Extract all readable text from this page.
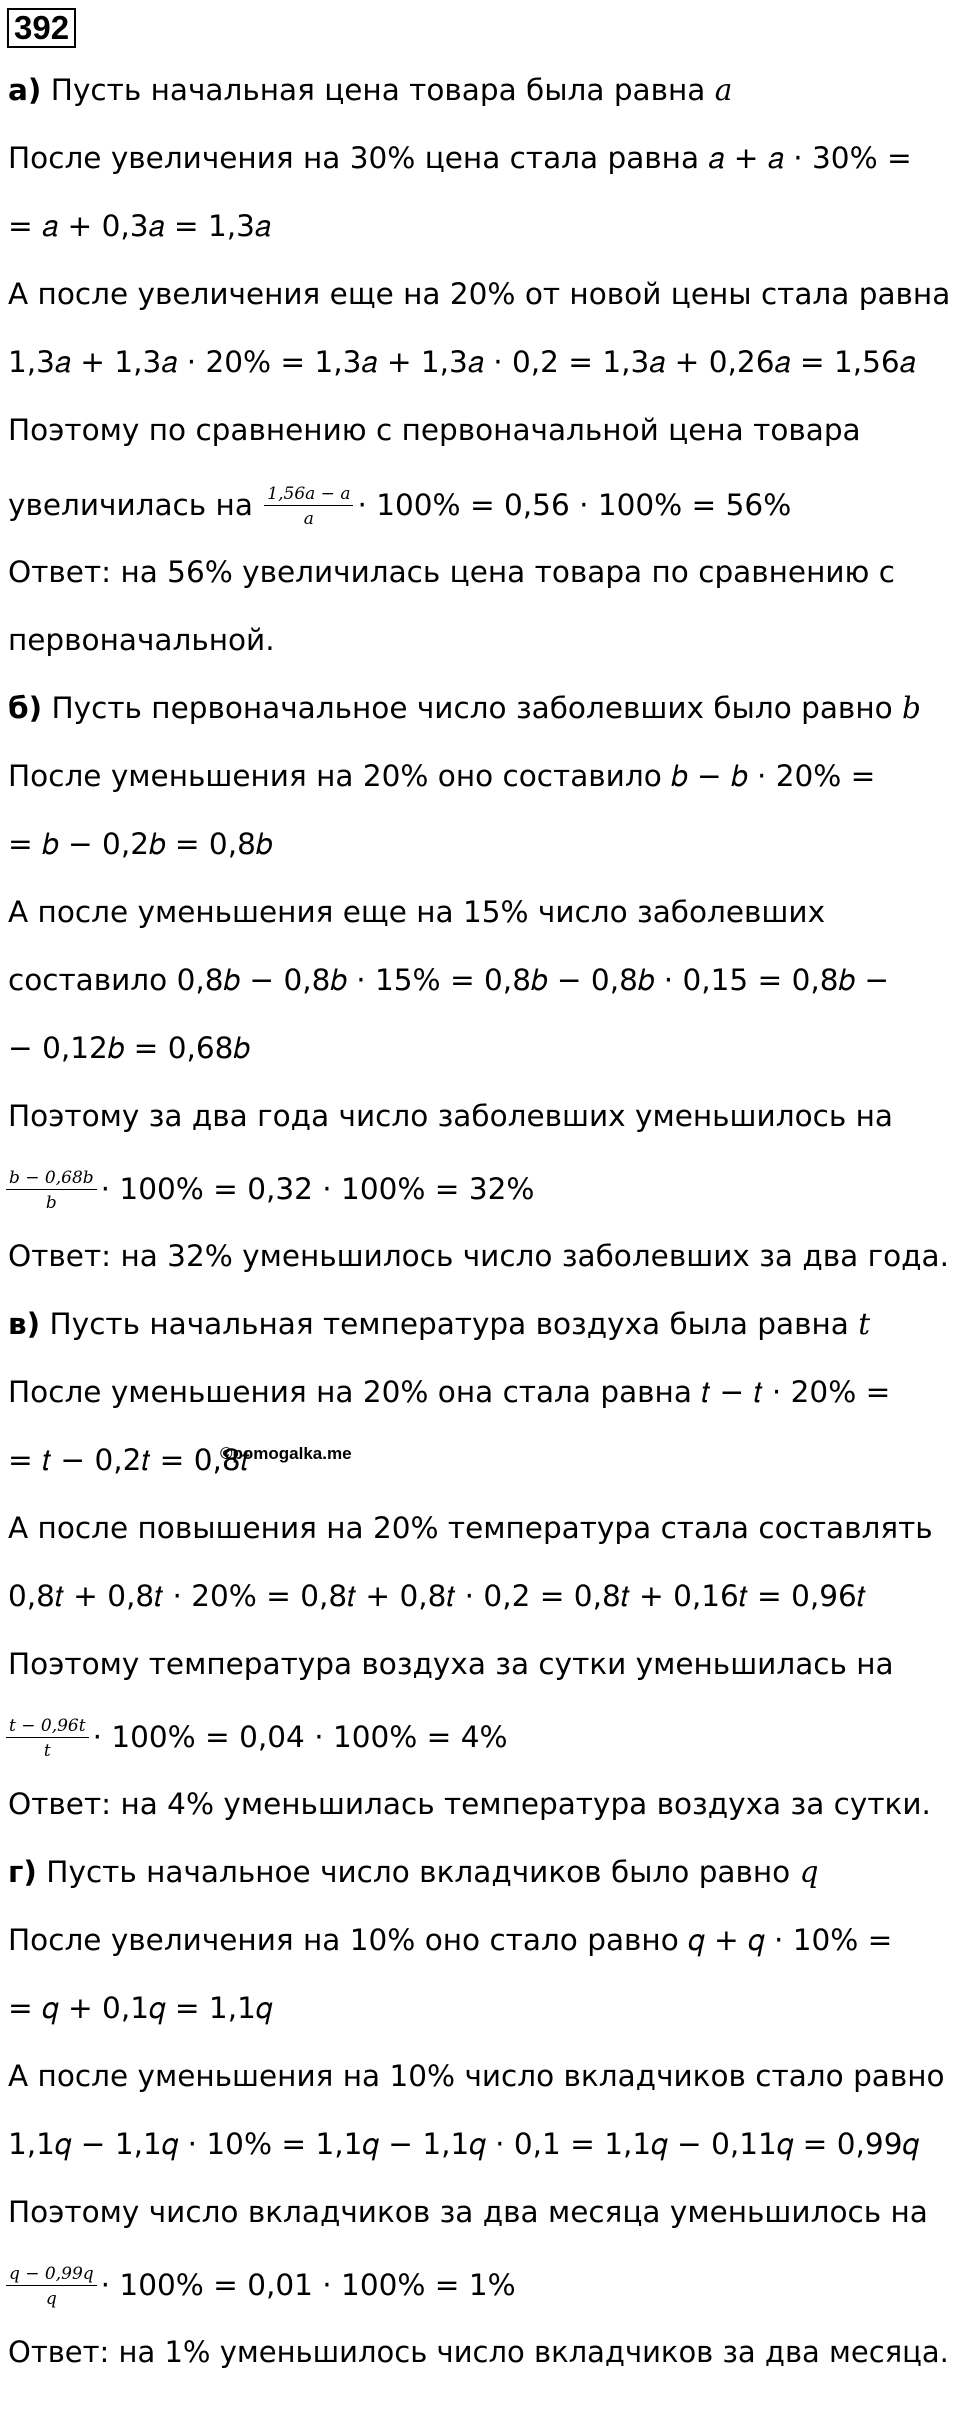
392
а) Пусть начальная цена товара была равна a
После увеличения на 30% цена стала равна 𝑎 + 𝑎 · 30% =
= 𝑎 + 0,3𝑎 = 1,3𝑎
А после увеличения еще на 20% от новой цены стала равна
1,3𝑎 + 1,3𝑎 · 20% = 1,3𝑎 + 1,3𝑎 · 0,2 = 1,3𝑎 + 0,26𝑎 = 1,56𝑎
Поэтому по сравнению с первоначальной цена товара
увеличилась на $\frac{1,56a - a}{a} \cdot 100\% = 0,56 \cdot 100\% = 56\%$
Ответ: на 56% увеличилась цена товара по сравнению с
первоначальной.
б) Пусть первоначальное число заболевших было равно b
После уменьшения на 20% оно составило 𝑏 − 𝑏 · 20% =
= 𝑏 − 0,2𝑏 = 0,8𝑏
А после уменьшения еще на 15% число заболевших
составило 0,8𝑏 − 0,8𝑏 · 15% = 0,8𝑏 − 0,8𝑏 · 0,15 = 0,8𝑏 −
− 0,12𝑏 = 0,68𝑏
Поэтому за два года число заболевших уменьшилось на
$\frac{b - 0,68b}{b} \cdot 100\% = 0,32 \cdot 100\% = 32\%$
Ответ: на 32% уменьшилось число заболевших за два года.
в) Пусть начальная температура воздуха была равна t
После уменьшения на 20% она стала равна 𝑡 − 𝑡 · 20% =
= 𝑡 − 0,2𝑡 = 0,8𝑡
©pomogalka.me
А после повышения на 20% температура стала составлять
0,8𝑡 + 0,8𝑡 · 20% = 0,8𝑡 + 0,8𝑡 · 0,2 = 0,8𝑡 + 0,16𝑡 = 0,96𝑡
Поэтому температура воздуха за сутки уменьшилась на
$\frac{t - 0,96t}{t} \cdot 100\% = 0,04 \cdot 100\% = 4\%$
Ответ: на 4% уменьшилась температура воздуха за сутки.
г) Пусть начальное число вкладчиков было равно q
После увеличения на 10% оно стало равно 𝑞 + 𝑞 · 10% =
= 𝑞 + 0,1𝑞 = 1,1𝑞
А после уменьшения на 10% число вкладчиков стало равно
1,1𝑞 − 1,1𝑞 · 10% = 1,1𝑞 − 1,1𝑞 · 0,1 = 1,1𝑞 − 0,11𝑞 = 0,99𝑞
Поэтому число вкладчиков за два месяца уменьшилось на
$\frac{q - 0,99q}{q} \cdot 100\% = 0,01 \cdot 100\% = 1\%$
Ответ: на 1% уменьшилось число вкладчиков за два месяца.
